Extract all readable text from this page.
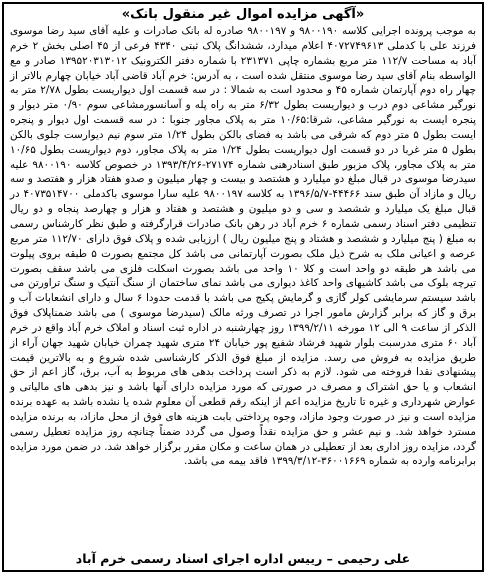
«آگهی مزایده اموال غیر منقول بانک»

به موجب پرونده اجرایی کلاسه ۹۸۰۰۱۹۰ و ۹۸۰۰۱۹۷ صادره له بانک صادرات و علیه آقای سید رضا موسوی فرزند علی با کدملی ۴۰۷۲۷۴۹۶۱۳ اعلام میدارد، ششدانگ پلاک ثبتی ۴۳۴۰ فرعی از ۴۵ اصلی بخش ۲ خرم آباد به مساحت ۱۱۲/۷ متر مربع بشماره چاپی ۲۳۱۳۷۱ با شماره دفتر الکترونیک ۱۳۹۵۲۰۳۱۳۰۱۲ صادر و مع الواسطه بنام آقای سید رضا موسوی منتقل شده است ، به آدرس: خرم آباد قاضی آباد خیابان چهارم بالاتر از چهار راه دوم آپارتمان شماره ۴۵ و محدود است به شمالا : در سه قسمت اول دیواریست بطول ۲/۷۸ متر به نورگیر مشاعی دوم درب و دیواریست بطول ۶/۳۲ متر به راه پله و آسانسورمشاعی سوم ۰/۹۰ متر دیوار و پنجره ایست به نورگیر مشاعی، شرقا:۱۰/۶۵ متر به پلاک مجاور جنوبا : در سه قسمت اول دیوار و پنجره ایست بطول ۵ متر دوم که شرقی می باشد به فضای بالکن بطول ۱/۲۴ متر سوم نیم دیوارست جلوی بالکن بطول ۵ متر غربا در دو قسمت اول دیواریست بطول ۱/۲۴ متر به پلاک مجاور، دوم دیواریست بطول ۱۰/۶۵ متر به پلاک مجاور، پلاک مزبور طبق اسنادرهنی شماره ۲۷۱۷۴-۱۳۹۳/۴/۲۶ در خصوص کلاسه ۹۸۰۰۱۹۰ علیه سیدرضا موسوی در قبال مبلغ دو میلیارد و هشتصد و بیست و چهار میلیون و صدو هفتاد هزار و هفتصد و سه ریال و مازاد آن طبق سند ۴۴۴۶۶-۱۳۹۶/۵/۷ به کلاسه ۹۸۰۰۱۹۷ علیه سارا موسوی باکدملی ۴۰۷۳۵۱۴۷۰۰ در قبال مبلغ یک میلیارد و ششصد و سی و دو میلیون و هشتصد و هفتاد و هزار و چهارصد پنجاه و دو ریال تنظیمی دفتر اسناد رسمی شماره ۶ خرم آباد در رهن بانک صادرات قرارگرفته و طبق نظر کارشناس رسمی به مبلغ ( پنج میلیارد و ششصد و هشتاد و پنج میلیون ریال ) ارزیابی شده و پلاک فوق دارای ۱۱۲/۷۰ متر مربع عرصه و اعیانی ملک به شرح ذیل ملک بصورت آپارتمانی می باشد کل مجتمع بصورت ۵ طبقه بروی پیلوت می باشد هر طبقه دو واحد است و کلا ۱۰ واحد می باشد بصورت اسکلت فلزی می باشد سقف بصورت تیرچه بلوک می باشد کاشیهای واحد کاغذ دیواری می باشد نمای ساختمان از سنگ آنتیک و سنگ تراورتن می باشد سیستم سرمایشی کولر گازی و گرمایش پکیج می باشد با قدمت حدودا ۶ سال و دارای انشعابات آب و برق و گاز که برابر گزارش مامور اجرا در تصرف ورثه مالک (سیدرضا موسوی ) می باشد ضمناپلاک فوق الذکر از ساعت ۹ الی ۱۲ مورخه ۱۳۹۹/۲/۱۱ روز چهارشنبه در اداره ثبت اسناد و املاک خرم آباد واقع در خرم آباد ۶۰ متری مدرسبت بلوار شهید فرشاد شفیع پور خیابان ۲۴ متری شهید چمران خیابان شهید جهان آراء از طریق مزایده به فروش می رسد. مزایده از مبلغ فوق الذکر کارشناسی شده شروع و به بالاترین قیمت پیشنهادی نقدا فروخته می شود. لازم به ذکر است پرداخت بدهی های مربوط به آب، برق، گاز اعم از حق انشعاب و یا حق اشتراک و مصرف در صورتی که مورد مزایده دارای آنها باشد و نیز بدهی های مالیاتی و عوارض شهرداری و غیره تا تاریخ مزایده اعم از اینکه رقم قطعی آن معلوم شده یا نشده باشد به عهده برنده مزایده است و نیز در صورت وجود مازاد، وجوه پرداختی بابت هزینه های فوق از محل مازاد، به برنده مزایده مسترد خواهد شد. و نیم عشر و حق مزایده نقداً وصول می گردد ضمناً چنانچه روز مزایده تعطیل رسمی گردد، مزایده روز اداری بعد از تعطیلی در همان ساعت و مکان مقرر برگزار خواهد شد. در ضمن مورد مزایده برابرنامه وارده به شماره ۳۶۰۰۱۶۶۹-۱۳۹۹/۳/۱۲ فاقد بیمه می باشد.

علی رحیمی – رییس اداره اجرای اسناد رسمی خرم آباد
